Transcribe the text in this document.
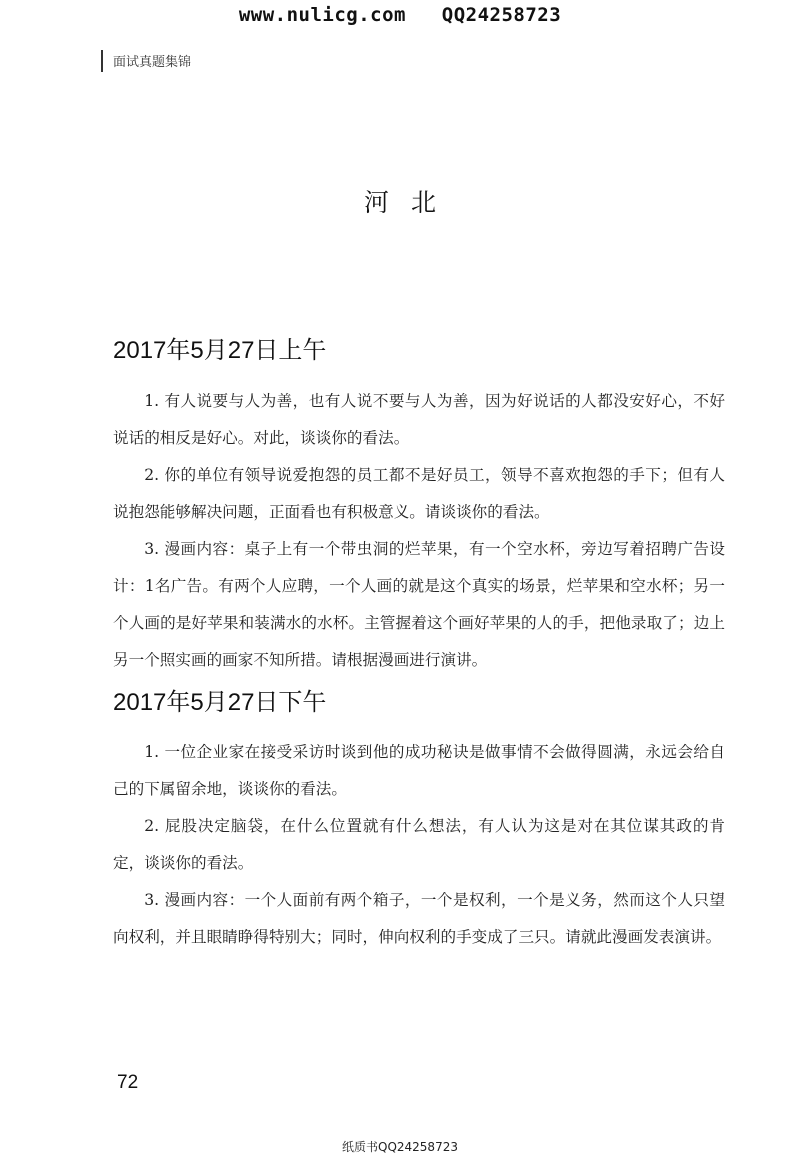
www.nulicg.com   QQ24258723
面试真题集锦
河北
2017年5月27日上午

1. 有人说要与人为善，也有人说不要与人为善，因为好说话的人都没安好心，不好说话的相反是好心。对此，谈谈你的看法。

2. 你的单位有领导说爱抱怨的员工都不是好员工，领导不喜欢抱怨的手下；但有人说抱怨能够解决问题，正面看也有积极意义。请谈谈你的看法。

3. 漫画内容：桌子上有一个带虫洞的烂苹果，有一个空水杯，旁边写着招聘广告设计：1名广告。有两个人应聘，一个人画的就是这个真实的场景，烂苹果和空水杯；另一个人画的是好苹果和装满水的水杯。主管握着这个画好苹果的人的手，把他录取了；边上另一个照实画的画家不知所措。请根据漫画进行演讲。

2017年5月27日下午

1. 一位企业家在接受采访时谈到他的成功秘诀是做事情不会做得圆满，永远会给自己的下属留余地，谈谈你的看法。

2. 屁股决定脑袋，在什么位置就有什么想法，有人认为这是对在其位谋其政的肯定，谈谈你的看法。

3. 漫画内容：一个人面前有两个箱子，一个是权利，一个是义务，然而这个人只望向权利，并且眼睛睁得特别大；同时，伸向权利的手变成了三只。请就此漫画发表演讲。

72
纸质书QQ24258723
